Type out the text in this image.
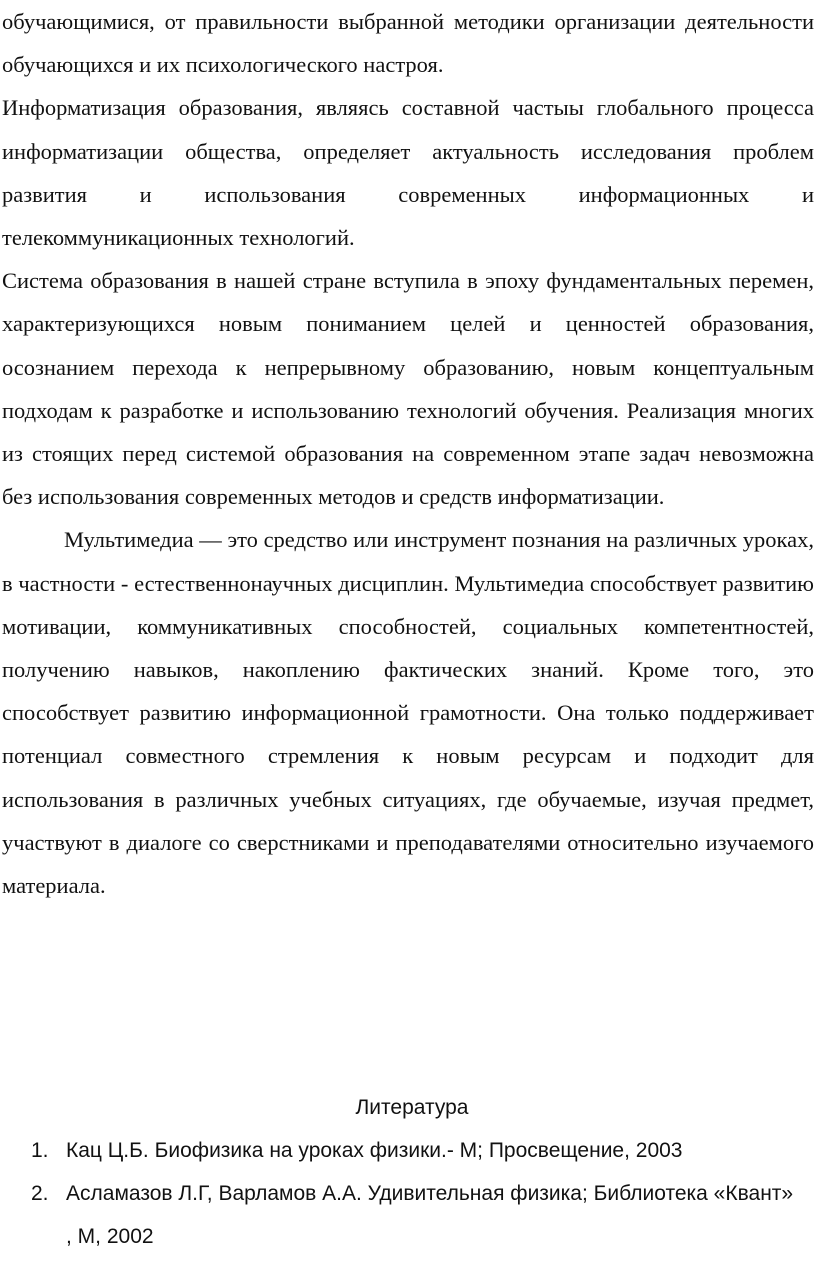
обучающимися, от правильности выбранной методики организации деятельности обучающихся и их психологического настроя.

Информатизация образования, являясь составной частыы глобального процесса информатизации общества, определяет актуальность исследования проблем развития и использования современных информационных и телекоммуникационных технологий.

Система образования в нашей стране вступила в эпоху фундаментальных перемен, характеризующихся новым пониманием целей и ценностей образования, осознанием перехода к непрерывному образованию, новым концептуальным подходам к разработке и использованию технологий обучения. Реализация многих из стоящих перед системой образования на современном этапе задач невозможна без использования современных методов и средств информатизации.

Мультимедиа — это средство или инструмент познания на различных уроках, в частности - естественнонаучных дисциплин. Мультимедиа способствует развитию мотивации, коммуникативных способностей, социальных компетентностей, получению навыков, накоплению фактических знаний. Кроме того, это способствует развитию информационной грамотности. Она только поддерживает потенциал совместного стремления к новым ресурсам и подходит для использования в различных учебных ситуациях, где обучаемые, изучая предмет, участвуют в диалоге со сверстниками и преподавателями относительно изучаемого материала.

Литература

1. Кац Ц.Б. Биофизика на уроках физики.- М; Просвещение, 2003
2. Асламазов Л.Г, Варламов А.А. Удивительная физика; Библиотека «Квант» , М, 2002
